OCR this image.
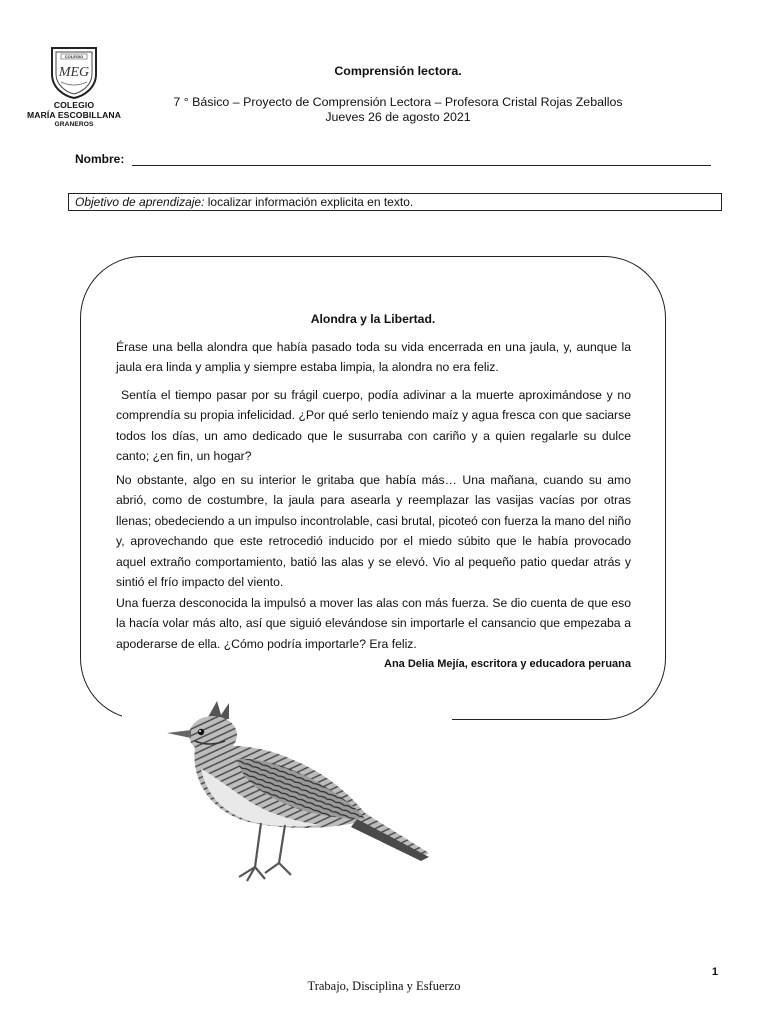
COLEGIO
MEG
COLEGIO
MARÍA ESCOBILLANA
GRANEROS
Comprensión lectora.
7 ° Básico – Proyecto de Comprensión Lectora – Profesora Cristal Rojas Zeballos
Jueves 26 de agosto 2021
Nombre:
Objetivo de aprendizaje: localizar información explicita en texto.
Alondra y la Libertad.

Érase una bella alondra que había pasado toda su vida encerrada en una jaula, y, aunque la jaula era linda y amplia y siempre estaba limpia, la alondra no era feliz.

Sentía el tiempo pasar por su frágil cuerpo, podía adivinar a la muerte aproximándose y no comprendía su propia infelicidad. ¿Por qué serlo teniendo maíz y agua fresca con que saciarse todos los días, un amo dedicado que le susurraba con cariño y a quien regalarle su dulce canto; ¿en fin, un hogar?

No obstante, algo en su interior le gritaba que había más… Una mañana, cuando su amo abrió, como de costumbre, la jaula para asearla y reemplazar las vasijas vacías por otras llenas; obedeciendo a un impulso incontrolable, casi brutal, picoteó con fuerza la mano del niño y, aprovechando que este retrocedió inducido por el miedo súbito que le había provocado aquel extraño comportamiento, batió las alas y se elevó. Vio al pequeño patio quedar atrás y sintió el frío impacto del viento.

Una fuerza desconocida la impulsó a mover las alas con más fuerza. Se dio cuenta de que eso la hacía volar más alto, así que siguió elevándose sin importarle el cansancio que empezaba a apoderarse de ella. ¿Cómo podría importarle? Era feliz.

Ana Delia Mejía, escritora y educadora peruana
1
Trabajo, Disciplina y Esfuerzo
